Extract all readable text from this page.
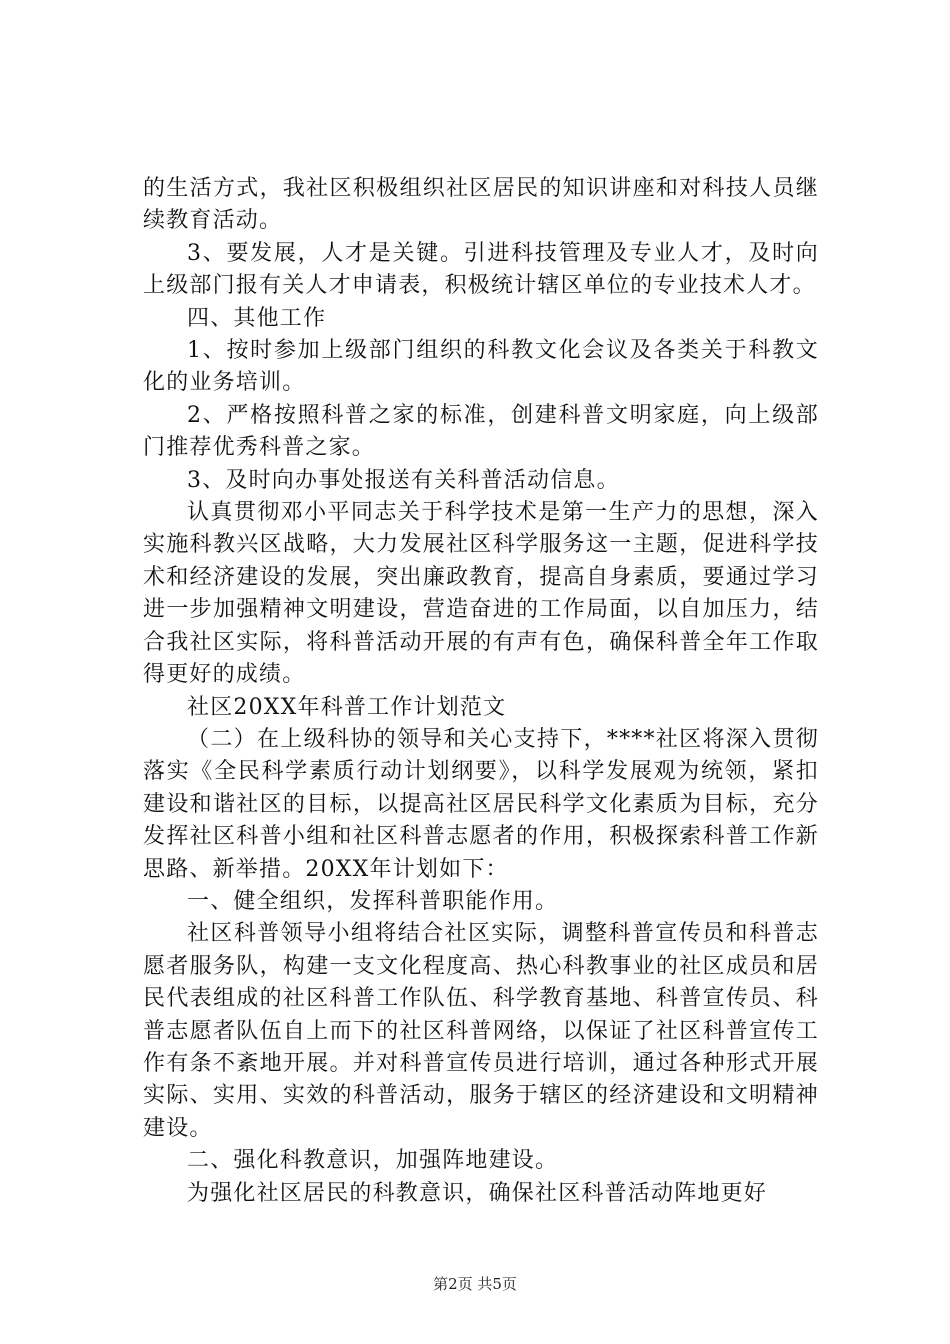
的生活方式，我社区积极组织社区居民的知识讲座和对科技人员继续教育活动。

3、要发展，人才是关键。引进科技管理及专业人才，及时向上级部门报有关人才申请表，积极统计辖区单位的专业技术人才。

四、其他工作

1、按时参加上级部门组织的科教文化会议及各类关于科教文化的业务培训。

2、严格按照科普之家的标准，创建科普文明家庭，向上级部门推荐优秀科普之家。

3、及时向办事处报送有关科普活动信息。

认真贯彻邓小平同志关于科学技术是第一生产力的思想，深入实施科教兴区战略，大力发展社区科学服务这一主题，促进科学技术和经济建设的发展，突出廉政教育，提高自身素质，要通过学习进一步加强精神文明建设，营造奋进的工作局面，以自加压力，结合我社区实际，将科普活动开展的有声有色，确保科普全年工作取得更好的成绩。

社区20XX年科普工作计划范文

（二）在上级科协的领导和关心支持下，****社区将深入贯彻落实《全民科学素质行动计划纲要》，以科学发展观为统领，紧扣建设和谐社区的目标，以提高社区居民科学文化素质为目标，充分发挥社区科普小组和社区科普志愿者的作用，积极探索科普工作新思路、新举措。20XX年计划如下：

一、健全组织，发挥科普职能作用。

社区科普领导小组将结合社区实际，调整科普宣传员和科普志愿者服务队，构建一支文化程度高、热心科教事业的社区成员和居民代表组成的社区科普工作队伍、科学教育基地、科普宣传员、科普志愿者队伍自上而下的社区科普网络，以保证了社区科普宣传工作有条不紊地开展。并对科普宣传员进行培训，通过各种形式开展实际、实用、实效的科普活动，服务于辖区的经济建设和文明精神建设。

二、强化科教意识，加强阵地建设。

为强化社区居民的科教意识，确保社区科普活动阵地更好

第2页 共5页
